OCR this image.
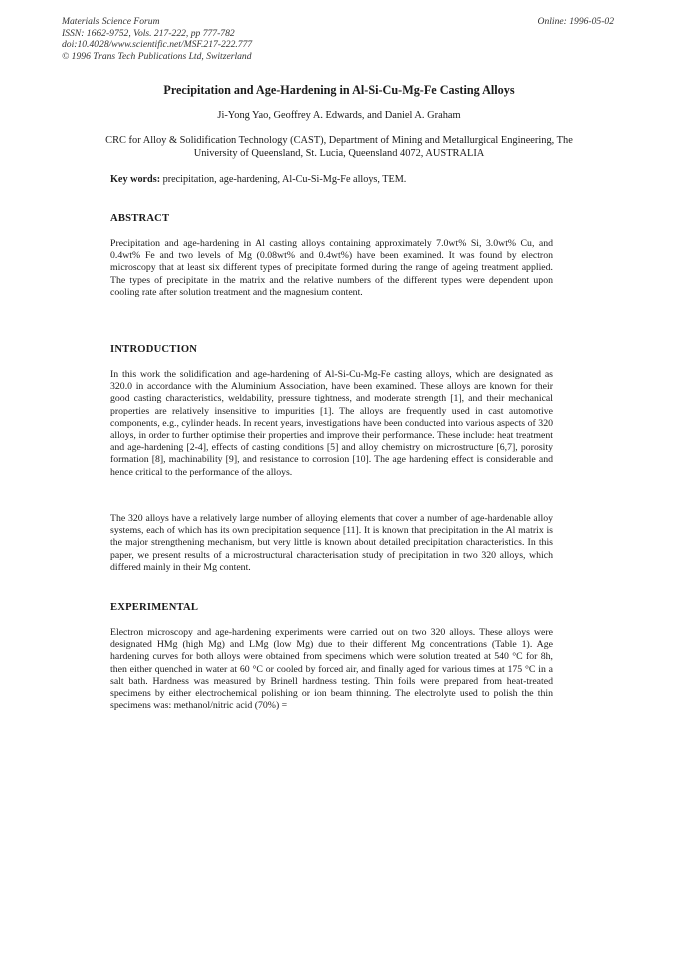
Materials Science Forum
ISSN: 1662-9752, Vols. 217-222, pp 777-782
doi:10.4028/www.scientific.net/MSF.217-222.777
© 1996 Trans Tech Publications Ltd, Switzerland
Online: 1996-05-02
Precipitation and Age-Hardening in Al-Si-Cu-Mg-Fe Casting Alloys
Ji-Yong Yao, Geoffrey A. Edwards, and Daniel A. Graham
CRC for Alloy & Solidification Technology (CAST), Department of Mining and Metallurgical Engineering, The University of Queensland, St. Lucia, Queensland 4072, AUSTRALIA
Key words: precipitation, age-hardening, Al-Cu-Si-Mg-Fe alloys, TEM.
ABSTRACT
Precipitation and age-hardening in Al casting alloys containing approximately 7.0wt% Si, 3.0wt% Cu, and 0.4wt% Fe and two levels of Mg (0.08wt% and 0.4wt%) have been examined. It was found by electron microscopy that at least six different types of precipitate formed during the range of ageing treatment applied. The types of precipitate in the matrix and the relative numbers of the different types were dependent upon cooling rate after solution treatment and the magnesium content.
INTRODUCTION
In this work the solidification and age-hardening of Al-Si-Cu-Mg-Fe casting alloys, which are designated as 320.0 in accordance with the Aluminium Association, have been examined. These alloys are known for their good casting characteristics, weldability, pressure tightness, and moderate strength [1], and their mechanical properties are relatively insensitive to impurities [1]. The alloys are frequently used in cast automotive components, e.g., cylinder heads. In recent years, investigations have been conducted into various aspects of 320 alloys, in order to further optimise their properties and improve their performance. These include: heat treatment and age-hardening [2-4], effects of casting conditions [5] and alloy chemistry on microstructure [6,7], porosity formation [8], machinability [9], and resistance to corrosion [10]. The age hardening effect is considerable and hence critical to the performance of the alloys.
The 320 alloys have a relatively large number of alloying elements that cover a number of age-hardenable alloy systems, each of which has its own precipitation sequence [11]. It is known that precipitation in the Al matrix is the major strengthening mechanism, but very little is known about detailed precipitation characteristics. In this paper, we present results of a microstructural characterisation study of precipitation in two 320 alloys, which differed mainly in their Mg content.
EXPERIMENTAL
Electron microscopy and age-hardening experiments were carried out on two 320 alloys. These alloys were designated HMg (high Mg) and LMg (low Mg) due to their different Mg concentrations (Table 1). Age hardening curves for both alloys were obtained from specimens which were solution treated at 540 °C for 8h, then either quenched in water at 60 °C or cooled by forced air, and finally aged for various times at 175 °C in a salt bath. Hardness was measured by Brinell hardness testing. Thin foils were prepared from heat-treated specimens by either electrochemical polishing or ion beam thinning. The electrolyte used to polish the thin specimens was: methanol/nitric acid (70%) =
